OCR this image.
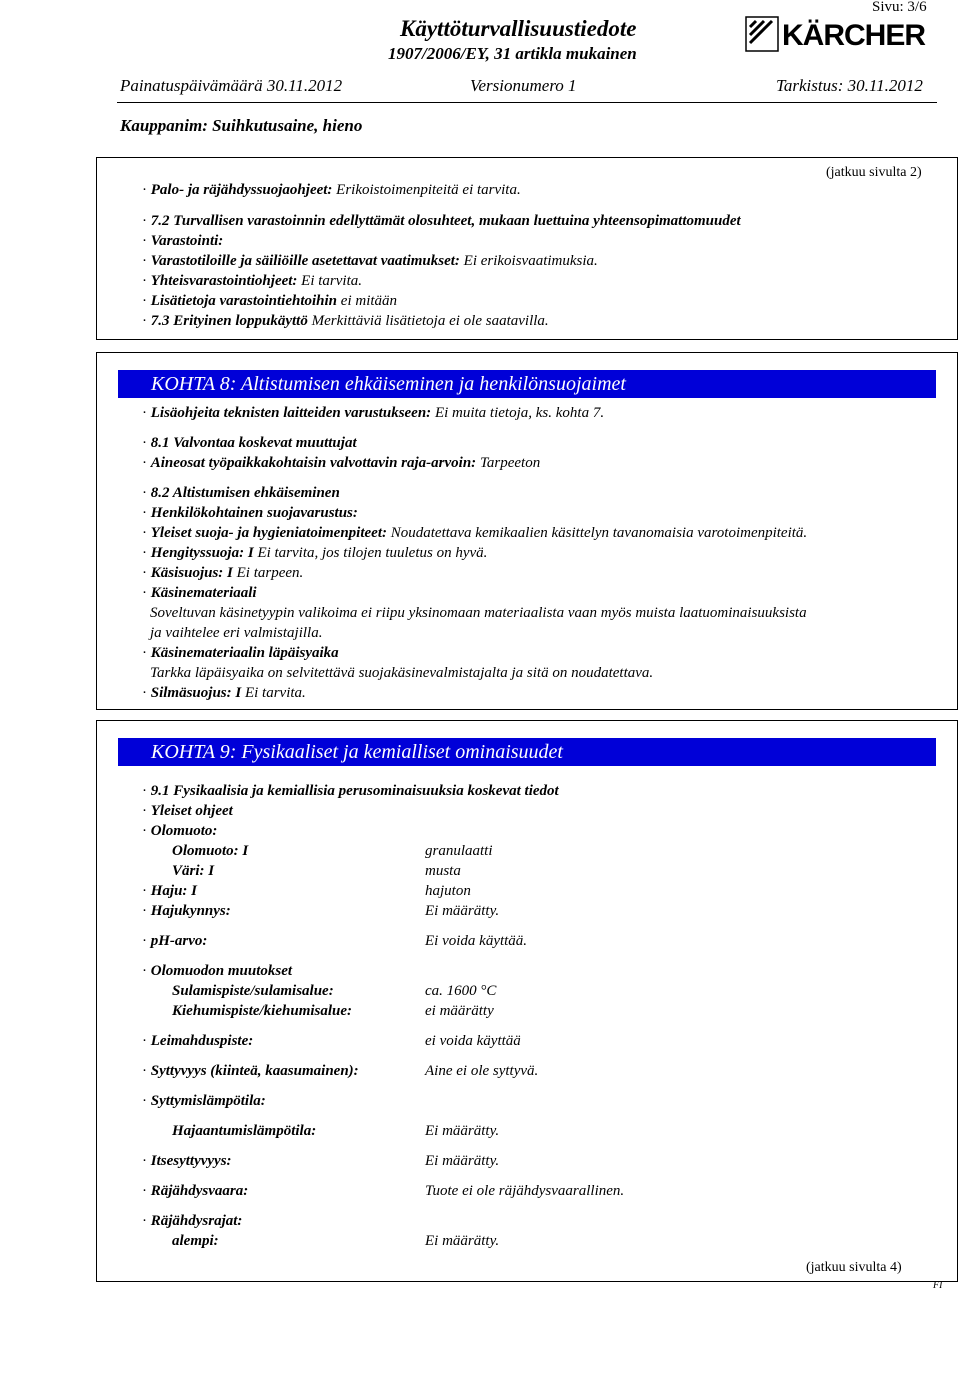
Sivu: 3/6
Käyttöturvallisuustiedote
1907/2006/EY, 31 artikla mukainen
KÄRCHER
Painatuspäivämäärä 30.11.2012	Versionumero 1	Tarkistus: 30.11.2012
Kauppanim: Suihkutusaine, hieno
(jatkuu sivulta 2)
· Palo- ja räjähdyssuojaohjeet: Erikoistoimenpiteitä ei tarvita.
· 7.2 Turvallisen varastoinnin edellyttämät olosuhteet, mukaan luettuina yhteensopimattomuudet
· Varastointi:
· Varastotiloille ja säiliöille asetettavat vaatimukset: Ei erikoisvaatimuksia.
· Yhteisvarastointiohjeet: Ei tarvita.
· Lisätietoja varastointiehtoihin ei mitään
· 7.3 Erityinen loppukäyttö Merkittäviä lisätietoja ei ole saatavilla.
KOHTA 8: Altistumisen ehkäiseminen ja henkilönsuojaimet
· Lisäohjeita teknisten laitteiden varustukseen: Ei muita tietoja, ks. kohta 7.
· 8.1 Valvontaa koskevat muuttujat
· Aineosat työpaikkakohtaisin valvottavin raja-arvoin: Tarpeeton
· 8.2 Altistumisen ehkäiseminen
· Henkilökohtainen suojavarustus:
· Yleiset suoja- ja hygieniatoimenpiteet: Noudatettava kemikaalien käsittelyn tavanomaisia varotoimenpiteitä.
· Hengityssuoja: I Ei tarvita, jos tilojen tuuletus on hyvä.
· Käsisuojus: I Ei tarpeen.
· Käsinemateriaali
Soveltuvan käsinetyypin valikoima ei riipu yksinomaan materiaalista vaan myös muista laatuominaisuuksista
ja vaihtelee eri valmistajilla.
· Käsinemateriaalin läpäisyaika
Tarkka läpäisyaika on selvitettävä suojakäsinevalmistajalta ja sitä on noudatettava.
· Silmäsuojus: I Ei tarvita.
KOHTA 9: Fysikaaliset ja kemialliset ominaisuudet
· 9.1 Fysikaalisia ja kemiallisia perusominaisuuksia koskevat tiedot
· Yleiset ohjeet
· Olomuoto:
Olomuoto: I	granulaatti
Väri: I	musta
· Haju: I	hajuton
· Hajukynnys:	Ei määrätty.
· pH-arvo:	Ei voida käyttää.
· Olomuodon muutokset
Sulamispiste/sulamisalue:	ca. 1600 °C
Kiehumispiste/kiehumisalue:	ei määrätty
· Leimahduspiste:	ei voida käyttää
· Syttyvyys (kiinteä, kaasumainen):	Aine ei ole syttyvä.
· Syttymislämpötila:
Hajaantumislämpötila:	Ei määrätty.
· Itsesyttyvyys:	Ei määrätty.
· Räjähdysvaara:	Tuote ei ole räjähdysvaarallinen.
· Räjähdysrajat:
alempi:	Ei määrätty.
(jatkuu sivulta 4)
FI
